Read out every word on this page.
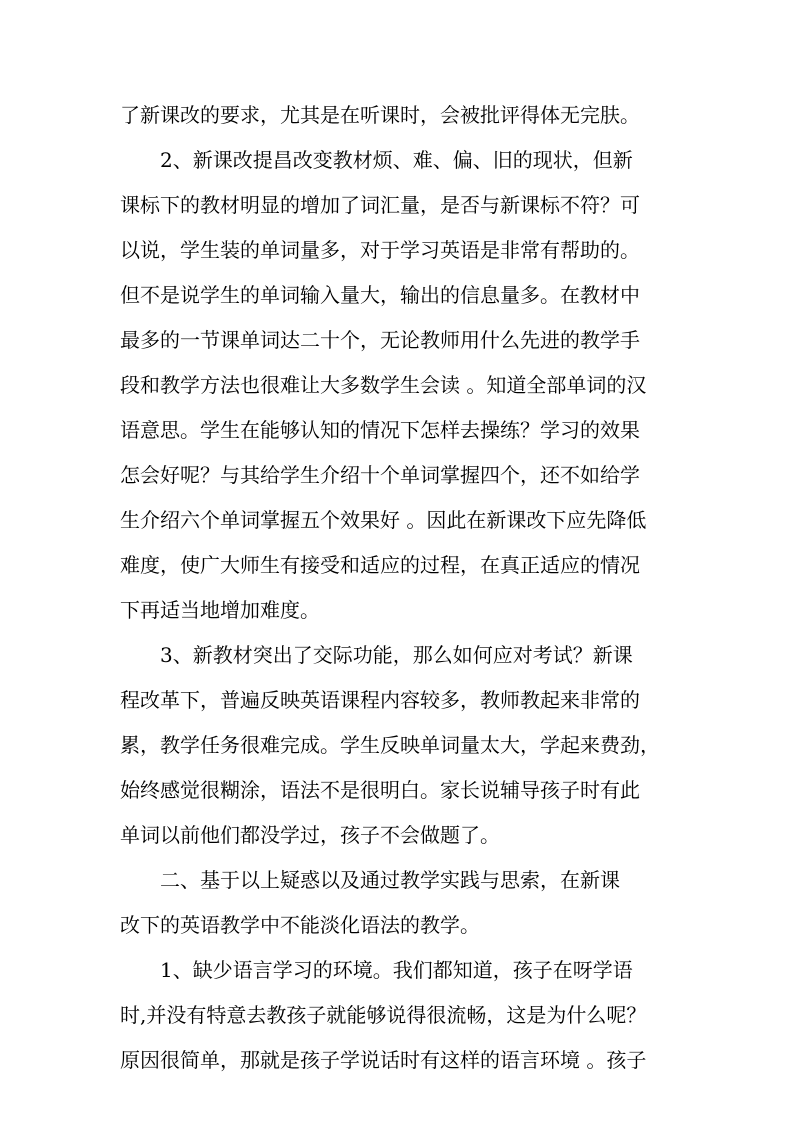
了新课改的要求，尤其是在听课时，会被批评得体无完肤。
　　2、新课改提昌改变教材烦、难、偏、旧的现状，但新
课标下的教材明显的增加了词汇量，是否与新课标不符？可
以说，学生装的单词量多，对于学习英语是非常有帮助的。
但不是说学生的单词输入量大，输出的信息量多。在教材中
最多的一节课单词达二十个，无论教师用什么先进的教学手
段和教学方法也很难让大多数学生会读 。知道全部单词的汉
语意思。学生在能够认知的情况下怎样去操练？学习的效果
怎会好呢？与其给学生介绍十个单词掌握四个，还不如给学
生介绍六个单词掌握五个效果好 。因此在新课改下应先降低
难度，使广大师生有接受和适应的过程，在真正适应的情况
下再适当地增加难度。
　　3、新教材突出了交际功能，那么如何应对考试？新课
程改革下，普遍反映英语课程内容较多，教师教起来非常的
累，教学任务很难完成。学生反映单词量太大，学起来费劲，
始终感觉很糊涂，语法不是很明白。家长说辅导孩子时有此
单词以前他们都没学过，孩子不会做题了。
　　二、基于以上疑惑以及通过教学实践与思索，在新课
改下的英语教学中不能淡化语法的教学。
　　1、缺少语言学习的环境。我们都知道，孩子在呀学语
时,并没有特意去教孩子就能够说得很流畅，这是为什么呢？
原因很简单，那就是孩子学说话时有这样的语言环境 。孩子
